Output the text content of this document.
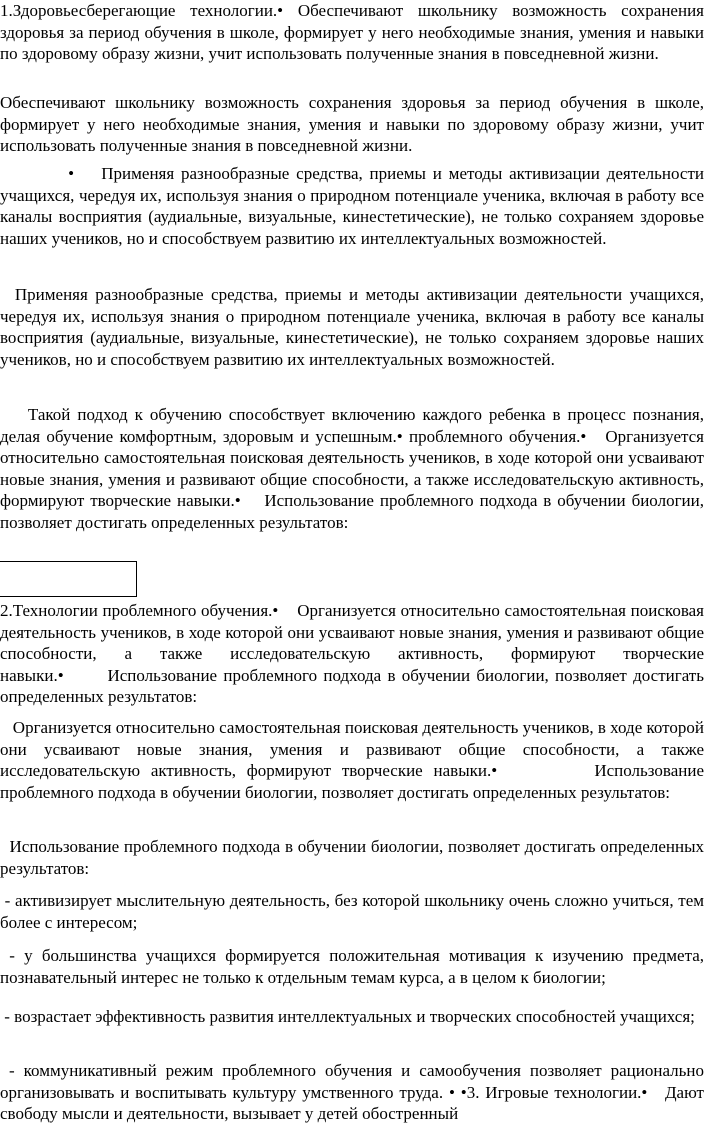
1.Здоровьесберегающие технологии.• Обеспечивают школьнику возможность сохранения здоровья за период обучения в школе, формирует у него необходимые знания, умения и навыки по здоровому образу жизни, учит использовать полученные знания в повседневной жизни.

Обеспечивают школьнику возможность сохранения здоровья за период обучения в школе, формирует у него необходимые знания, умения и навыки по здоровому образу жизни, учит использовать полученные знания в повседневной жизни.

•    Применяя разнообразные средства, приемы и методы активизации деятельности учащихся, чередуя их, используя знания о природном потенциале ученика, включая в работу все каналы восприятия (аудиальные, визуальные, кинестетические), не только сохраняем здоровье наших учеников, но и способствуем развитию их интеллектуальных возможностей.

Применяя разнообразные средства, приемы и методы активизации деятельности учащихся, чередуя их, используя знания о природном потенциале ученика, включая в работу все каналы восприятия (аудиальные, визуальные, кинестетические), не только сохраняем здоровье наших учеников, но и способствуем развитию их интеллектуальных возможностей.

Такой подход к обучению способствует включению каждого ребенка в процесс познания, делая обучение комфортным, здоровым и успешным.• проблемного обучения.•   Организуется относительно самостоятельная поисковая деятельность учеников, в ходе которой они усваивают новые знания, умения и развивают общие способности, а также исследовательскую активность, формируют творческие навыки.•    Использование проблемного подхода в обучении биологии, позволяет достигать определенных результатов:

2.Технологии проблемного обучения.•    Организуется относительно самостоятельная поисковая деятельность учеников, в ходе которой они усваивают новые знания, умения и развивают общие способности, а также исследовательскую активность, формируют творческие навыки.•       Использование проблемного подхода в обучении биологии, позволяет достигать определенных результатов:

Организуется относительно самостоятельная поисковая деятельность учеников, в ходе которой они усваивают новые знания, умения и развивают общие способности, а также исследовательскую активность, формируют творческие навыки.•         Использование проблемного подхода в обучении биологии, позволяет достигать определенных результатов:

Использование проблемного подхода в обучении биологии, позволяет достигать определенных результатов:

- активизирует мыслительную деятельность, без которой школьнику очень сложно учиться, тем более с интересом;

- у большинства учащихся формируется положительная мотивация к изучению предмета, познавательный интерес не только к отдельным темам курса, а в целом к биологии;

- возрастает эффективность развития интеллектуальных и творческих способностей учащихся;

- коммуникативный режим проблемного обучения и самообучения позволяет рационально организовывать и воспитывать культуру умственного труда. • •3. Игровые технологии.•   Дают свободу мысли и деятельности, вызывает у детей обостренный
